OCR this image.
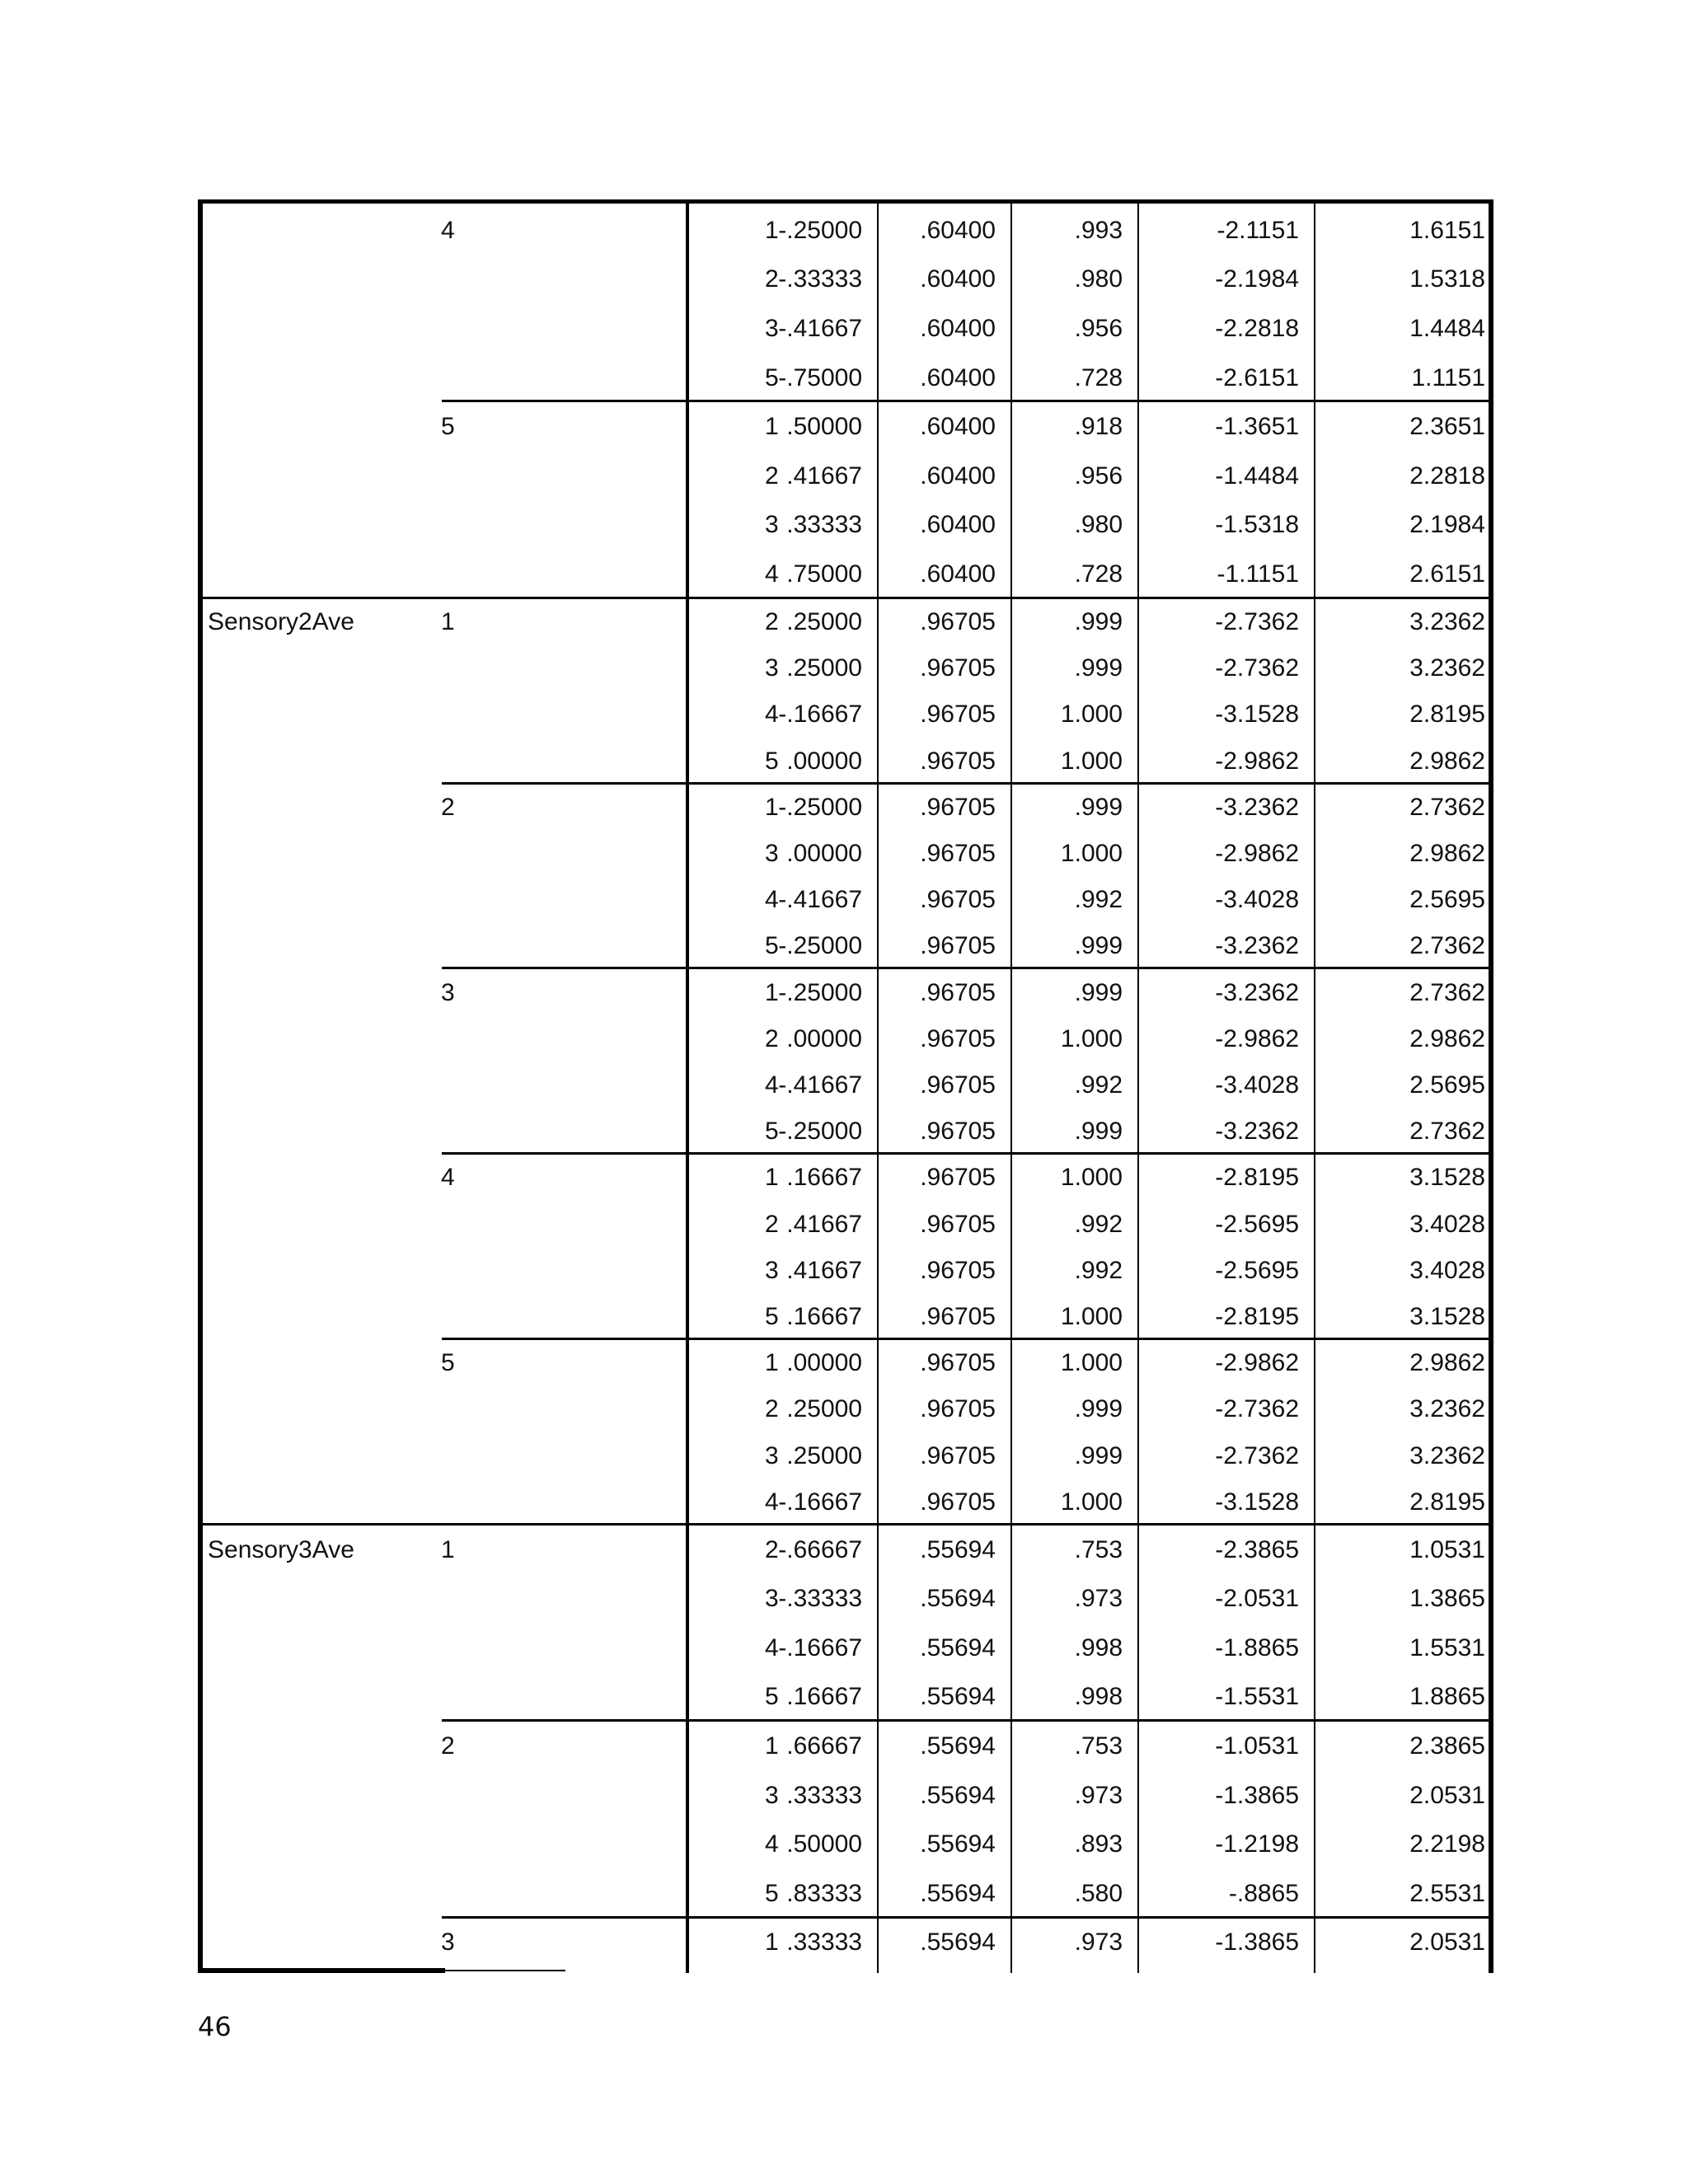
4	1 -.25000 .60400	.993	-2.1151	1.6151
2 -.33333 .60400	.980	-2.1984	1.5318
3 -.41667 .60400	.956	-2.2818	1.4484
5 -.75000 .60400	.728	-2.6151	1.1151
5	1 .50000 .60400	.918	-1.3651	2.3651
2 .41667 .60400	.956	-1.4484	2.2818
3 .33333 .60400	.980	-1.5318	2.1984
4 .75000 .60400	.728	-1.1151	2.6151
Sensory2Ave	1	2 .25000 .96705	.999	-2.7362	3.2362
3 .25000 .96705	.999	-2.7362	3.2362
4 -.16667 .96705	1.000	-3.1528	2.8195
5 .00000 .96705	1.000	-2.9862	2.9862
2	1 -.25000 .96705	.999	-3.2362	2.7362
3 .00000 .96705	1.000	-2.9862	2.9862
4 -.41667 .96705	.992	-3.4028	2.5695
5 -.25000 .96705	.999	-3.2362	2.7362
3	1 -.25000 .96705	.999	-3.2362	2.7362
2 .00000 .96705	1.000	-2.9862	2.9862
4 -.41667 .96705	.992	-3.4028	2.5695
5 -.25000 .96705	.999	-3.2362	2.7362
4	1 .16667 .96705	1.000	-2.8195	3.1528
2 .41667 .96705	.992	-2.5695	3.4028
3 .41667 .96705	.992	-2.5695	3.4028
5 .16667 .96705	1.000	-2.8195	3.1528
5	1 .00000 .96705	1.000	-2.9862	2.9862
2 .25000 .96705	.999	-2.7362	3.2362
3 .25000 .96705	.999	-2.7362	3.2362
4 -.16667 .96705	1.000	-3.1528	2.8195
Sensory3Ave	1	2 -.66667 .55694	.753	-2.3865	1.0531
3 -.33333 .55694	.973	-2.0531	1.3865
4 -.16667 .55694	.998	-1.8865	1.5531
5 .16667 .55694	.998	-1.5531	1.8865
2	1 .66667 .55694	.753	-1.0531	2.3865
3 .33333 .55694	.973	-1.3865	2.0531
4 .50000 .55694	.893	-1.2198	2.2198
5 .83333 .55694	.580	-.8865	2.5531
3	1 .33333 .55694	.973	-1.3865	2.0531
46
